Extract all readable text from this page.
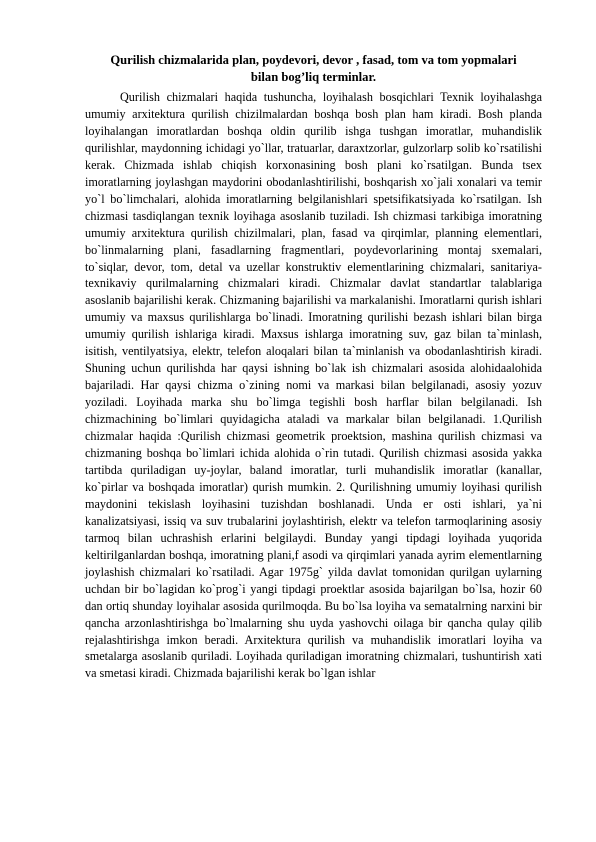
Qurilish chizmalarida plan, poydevori, devor , fasad, tom va tom yopmalari
bilan bog’liq terminlar.

Qurilish chizmalari haqida tushuncha, loyihalash bosqichlari Texnik loyihalashga umumiy arxitektura qurilish chizilmalardan boshqa bosh plan ham kiradi. Bosh planda loyihalangan imoratlardan boshqa oldin qurilib ishga tushgan imoratlar, muhandislik qurilishlar, maydonning ichidagi yo`llar, tratuarlar, daraxtzorlar, gulzorlarp solib ko`rsatilishi kerak. Chizmada ishlab chiqish korxonasining bosh plani ko`rsatilgan. Bunda tsex imoratlarning joylashgan maydorini obodanlashtirilishi, boshqarish xo`jali xonalari va temir yo`l bo`limchalari, alohida imoratlarning belgilanishlari spetsifikatsiyada ko`rsatilgan. Ish chizmasi tasdiqlangan texnik loyihaga asoslanib tuziladi. Ish chizmasi tarkibiga imoratning umumiy arxitektura qurilish chizilmalari, plan, fasad va qirqimlar, planning elementlari, bo`linmalarning plani, fasadlarning fragmentlari, poydevorlarining montaj sxemalari, to`siqlar, devor, tom, detal va uzellar konstruktiv elementlarining chizmalari, sanitariya-texnikaviy qurilmalarning chizmalari kiradi. Chizmalar davlat standartlar talablariga asoslanib bajarilishi kerak. Chizmaning bajarilishi va markalanishi. Imoratlarni qurish ishlari umumiy va maxsus qurilishlarga bo`linadi. Imoratning qurilishi bezash ishlari bilan birga umumiy qurilish ishlariga kiradi. Maxsus ishlarga imoratning suv, gaz bilan ta`minlash, isitish, ventilyatsiya, elektr, telefon aloqalari bilan ta`minlanish va obodanlashtirish kiradi. Shuning uchun qurilishda har qaysi ishning bo`lak ish chizmalari asosida alohidaalohida bajariladi. Har qaysi chizma o`zining nomi va markasi bilan belgilanadi, asosiy yozuv yoziladi. Loyihada marka shu bo`limga tegishli bosh harflar bilan belgilanadi. Ish chizmachining bo`limlari quyidagicha ataladi va markalar bilan belgilanadi. 1.Qurilish chizmalar haqida :Qurilish chizmasi geometrik proektsion, mashina qurilish chizmasi va chizmaning boshqa bo`limlari ichida alohida o`rin tutadi. Qurilish chizmasi asosida yakka tartibda quriladigan uy-joylar, baland imoratlar, turli muhandislik imoratlar (kanallar, ko`pirlar va boshqada imoratlar) qurish mumkin. 2. Qurilishning umumiy loyihasi qurilish maydonini tekislash loyihasini tuzishdan boshlanadi. Unda er osti ishlari, ya`ni kanalizatsiyasi, issiq va suv trubalarini joylashtirish, elektr va telefon tarmoqlarining asosiy tarmoq bilan uchrashish erlarini belgilaydi. Bunday yangi tipdagi loyihada yuqorida keltirilganlardan boshqa, imoratning plani,f asodi va qirqimlari yanada ayrim elementlarning joylashish chizmalari ko`rsatiladi. Agar 1975g` yilda davlat tomonidan qurilgan uylarning uchdan bir bo`lagidan ko`prog`i yangi tipdagi proektlar asosida bajarilgan bo`lsa, hozir 60 dan ortiq shunday loyihalar asosida qurilmoqda. Bu bo`lsa loyiha va sematalrning narxini bir qancha arzonlashtirishga bo`lmalarning shu uyda yashovchi oilaga bir qancha qulay qilib rejalashtirishga imkon beradi. Arxitektura qurilish va muhandislik imoratlari loyiha va smetalarga asoslanib quriladi. Loyihada quriladigan imoratning chizmalari, tushuntirish xati va smetasi kiradi. Chizmada bajarilishi kerak bo`lgan ishlar
